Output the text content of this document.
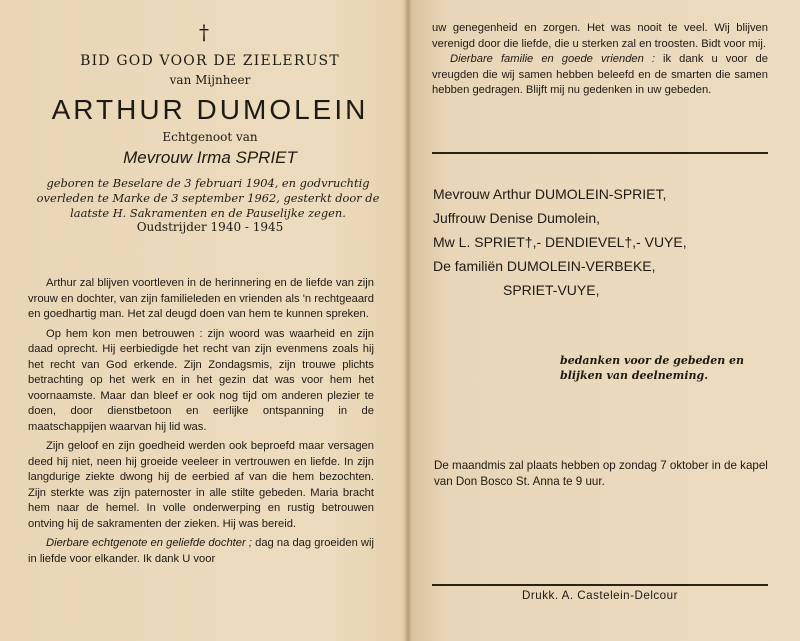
†
BID GOD VOOR DE ZIELERUST
van Mijnheer
ARTHUR DUMOLEIN
Echtgenoot van
Mevrouw Irma SPRIET
geboren te Beselare de 3 februari 1904, en godvruchtig overleden te Marke de 3 september 1962, gesterkt door de laatste H. Sakramenten en de Pauselijke zegen.
Oudstrijder 1940 - 1945

Arthur zal blijven voortleven in de herinnering en de liefde van zijn vrouw en dochter, van zijn familieleden en vrienden als 'n rechtgeaard en goedhartig man. Het zal deugd doen van hem te kunnen spreken.

Op hem kon men betrouwen : zijn woord was waarheid en zijn daad oprecht. Hij eerbiedigde het recht van zijn evenmens zoals hij het recht van God erkende. Zijn Zondagsmis, zijn trouwe plichts betrachting op het werk en in het gezin dat was voor hem het voornaamste. Maar dan bleef er ook nog tijd om anderen plezier te doen, door dienstbetoon en eerlijke ontspanning in de maatschappijen waarvan hij lid was.

Zijn geloof en zijn goedheid werden ook beproefd maar versagen deed hij niet, neen hij groeide veeleer in vertrouwen en liefde. In zijn langdurige ziekte dwong hij de eerbied af van die hem bezochten. Zijn sterkte was zijn paternoster in alle stilte gebeden. Maria bracht hem naar de hemel. In volle onderwerping en rustig betrouwen ontving hij de sakramenten der zieken. Hij was bereid.

Dierbare echtgenote en geliefde dochter ; dag na dag groeiden wij in liefde voor elkander. Ik dank U voor

uw genegenheid en zorgen. Het was nooit te veel. Wij blijven verenigd door die liefde, die u sterken zal en troosten. Bidt voor mij.

Dierbare familie en goede vrienden : ik dank u voor de vreugden die wij samen hebben beleefd en de smarten die samen hebben gedragen. Blijft mij nu gedenken in uw gebeden.

Mevrouw Arthur DUMOLEIN-SPRIET,
Juffrouw Denise Dumolein,
Mw L. SPRIET†,- DENDIEVEL†,- VUYE,
De familiën DUMOLEIN-VERBEKE,
SPRIET-VUYE,
bedanken voor de gebeden en blijken van deelneming.
De maandmis zal plaats hebben op zondag 7 oktober in de kapel van Don Bosco St. Anna te 9 uur.
Drukk. A. Castelein-Delcour
